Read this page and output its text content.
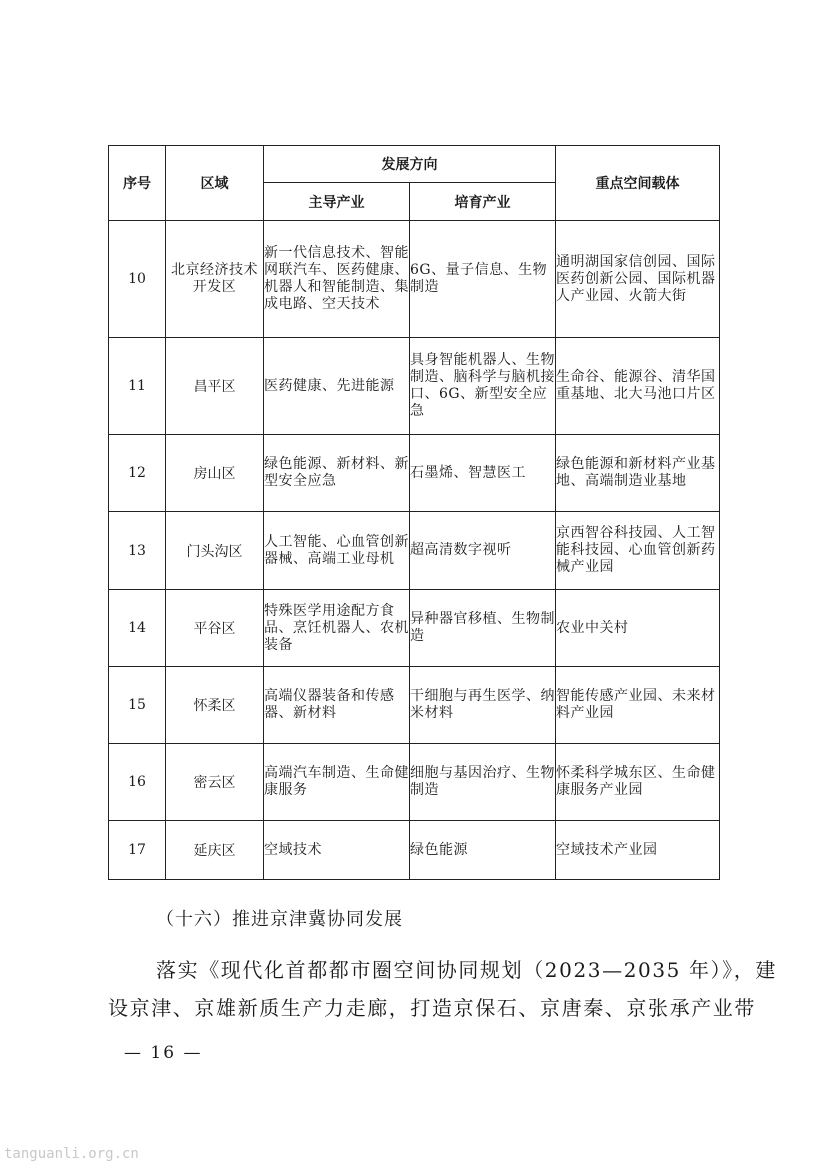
序号	区域	发展方向		重点空间载体
		主导产业	培育产业	
10	北京经济技术开发区	新一代信息技术、智能网联汽车、医药健康、机器人和智能制造、集成电路、空天技术	6G、量子信息、生物制造	通明湖国家信创园、国际医药创新公园、国际机器人产业园、火箭大街
11	昌平区	医药健康、先进能源	具身智能机器人、生物制造、脑科学与脑机接口、6G、新型安全应急	生命谷、能源谷、清华国重基地、北大马池口片区
12	房山区	绿色能源、新材料、新型安全应急	石墨烯、智慧医工	绿色能源和新材料产业基地、高端制造业基地
13	门头沟区	人工智能、心血管创新器械、高端工业母机	超高清数字视听	京西智谷科技园、人工智能科技园、心血管创新药械产业园
14	平谷区	特殊医学用途配方食品、烹饪机器人、农机装备	异种器官移植、生物制造	农业中关村
15	怀柔区	高端仪器装备和传感器、新材料	干细胞与再生医学、纳米材料	智能传感产业园、未来材料产业园
16	密云区	高端汽车制造、生命健康服务	细胞与基因治疗、生物制造	怀柔科学城东区、生命健康服务产业园
17	延庆区	空域技术	绿色能源	空域技术产业园
（十六）推进京津冀协同发展
落实《现代化首都都市圈空间协同规划（2023—2035 年）》，建
设京津、京雄新质生产力走廊，打造京保石、京唐秦、京张承产业带
— 16 —
tanguanli.org.cn
